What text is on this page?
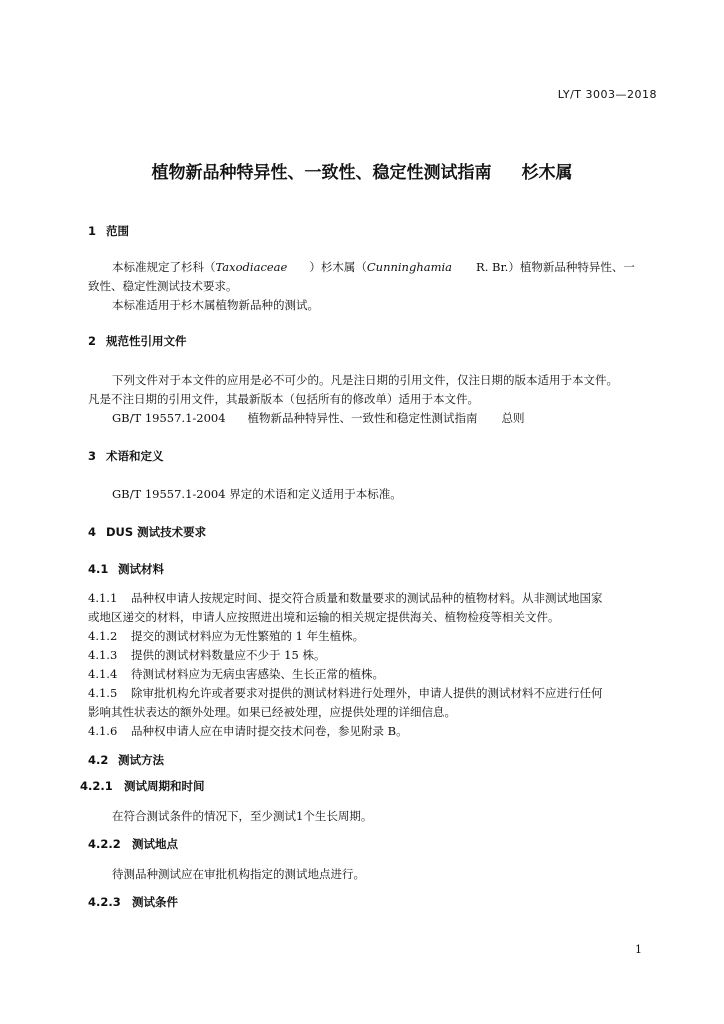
LY/T 3003—2018
植物新品种特异性、一致性、稳定性测试指南 杉木属
1 范围
本标准规定了杉科（Taxodiaceae ）杉木属（Cunninghamia R. Br.）植物新品种特异性、一
致性、稳定性测试技术要求。
本标准适用于杉木属植物新品种的测试。
2 规范性引用文件
下列文件对于本文件的应用是必不可少的。凡是注日期的引用文件，仅注日期的版本适用于本文件。
凡是不注日期的引用文件，其最新版本（包括所有的修改单）适用于本文件。
GB/T 19557.1-2004 植物新品种特异性、一致性和稳定性测试指南 总则
3 术语和定义
GB/T 19557.1-2004 界定的术语和定义适用于本标准。
4 DUS 测试技术要求
4.1 测试材料
4.1.1 品种权申请人按规定时间、提交符合质量和数量要求的测试品种的植物材料。从非测试地国家
或地区递交的材料，申请人应按照进出境和运输的相关规定提供海关、植物检疫等相关文件。
4.1.2 提交的测试材料应为无性繁殖的 1 年生植株。
4.1.3 提供的测试材料数量应不少于 15 株。
4.1.4 待测试材料应为无病虫害感染、生长正常的植株。
4.1.5 除审批机构允许或者要求对提供的测试材料进行处理外，申请人提供的测试材料不应进行任何
影响其性状表达的额外处理。如果已经被处理，应提供处理的详细信息。
4.1.6 品种权申请人应在申请时提交技术问卷，参见附录 B。
4.2 测试方法
4.2.1 测试周期和时间
在符合测试条件的情况下，至少测试1个生长周期。
4.2.2 测试地点
待测品种测试应在审批机构指定的测试地点进行。
4.2.3 测试条件
1
